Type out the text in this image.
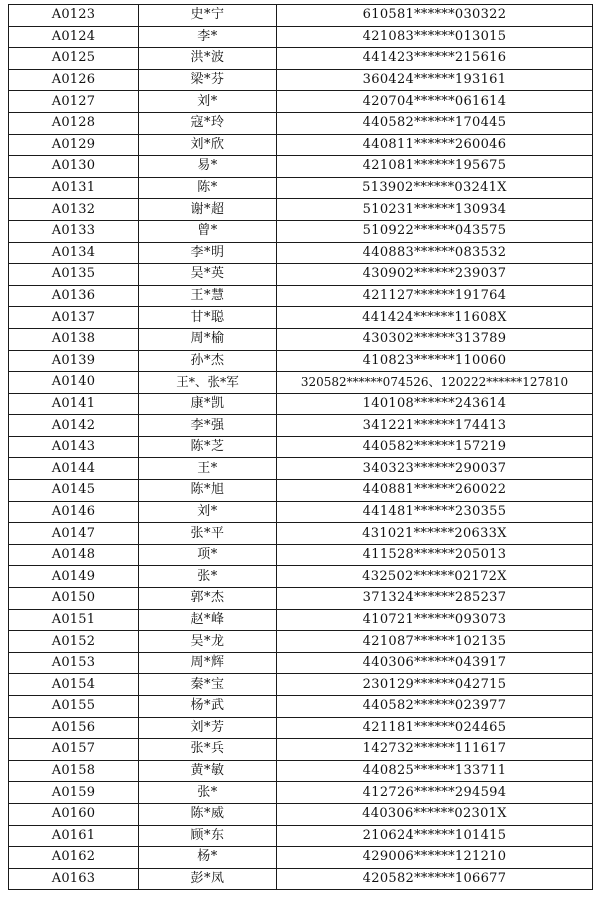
A0123	史*宁	610581******030322
A0124	李*	421083******013015
A0125	洪*波	441423******215616
A0126	梁*芬	360424******193161
A0127	刘*	420704******061614
A0128	寇*玲	440582******170445
A0129	刘*欣	440811******260046
A0130	易*	421081******195675
A0131	陈*	513902******03241X
A0132	谢*超	510231******130934
A0133	曾*	510922******043575
A0134	李*明	440883******083532
A0135	吴*英	430902******239037
A0136	王*慧	421127******191764
A0137	甘*聪	441424******11608X
A0138	周*榆	430302******313789
A0139	孙*杰	410823******110060
A0140	王*、张*军	320582******074526、120222******127810
A0141	康*凯	140108******243614
A0142	李*强	341221******174413
A0143	陈*芝	440582******157219
A0144	王*	340323******290037
A0145	陈*旭	440881******260022
A0146	刘*	441481******230355
A0147	张*平	431021******20633X
A0148	项*	411528******205013
A0149	张*	432502******02172X
A0150	郭*杰	371324******285237
A0151	赵*峰	410721******093073
A0152	吴*龙	421087******102135
A0153	周*辉	440306******043917
A0154	秦*宝	230129******042715
A0155	杨*武	440582******023977
A0156	刘*芳	421181******024465
A0157	张*兵	142732******111617
A0158	黄*敏	440825******133711
A0159	张*	412726******294594
A0160	陈*威	440306******02301X
A0161	顾*东	210624******101415
A0162	杨*	429006******121210
A0163	彭*凤	420582******106677
